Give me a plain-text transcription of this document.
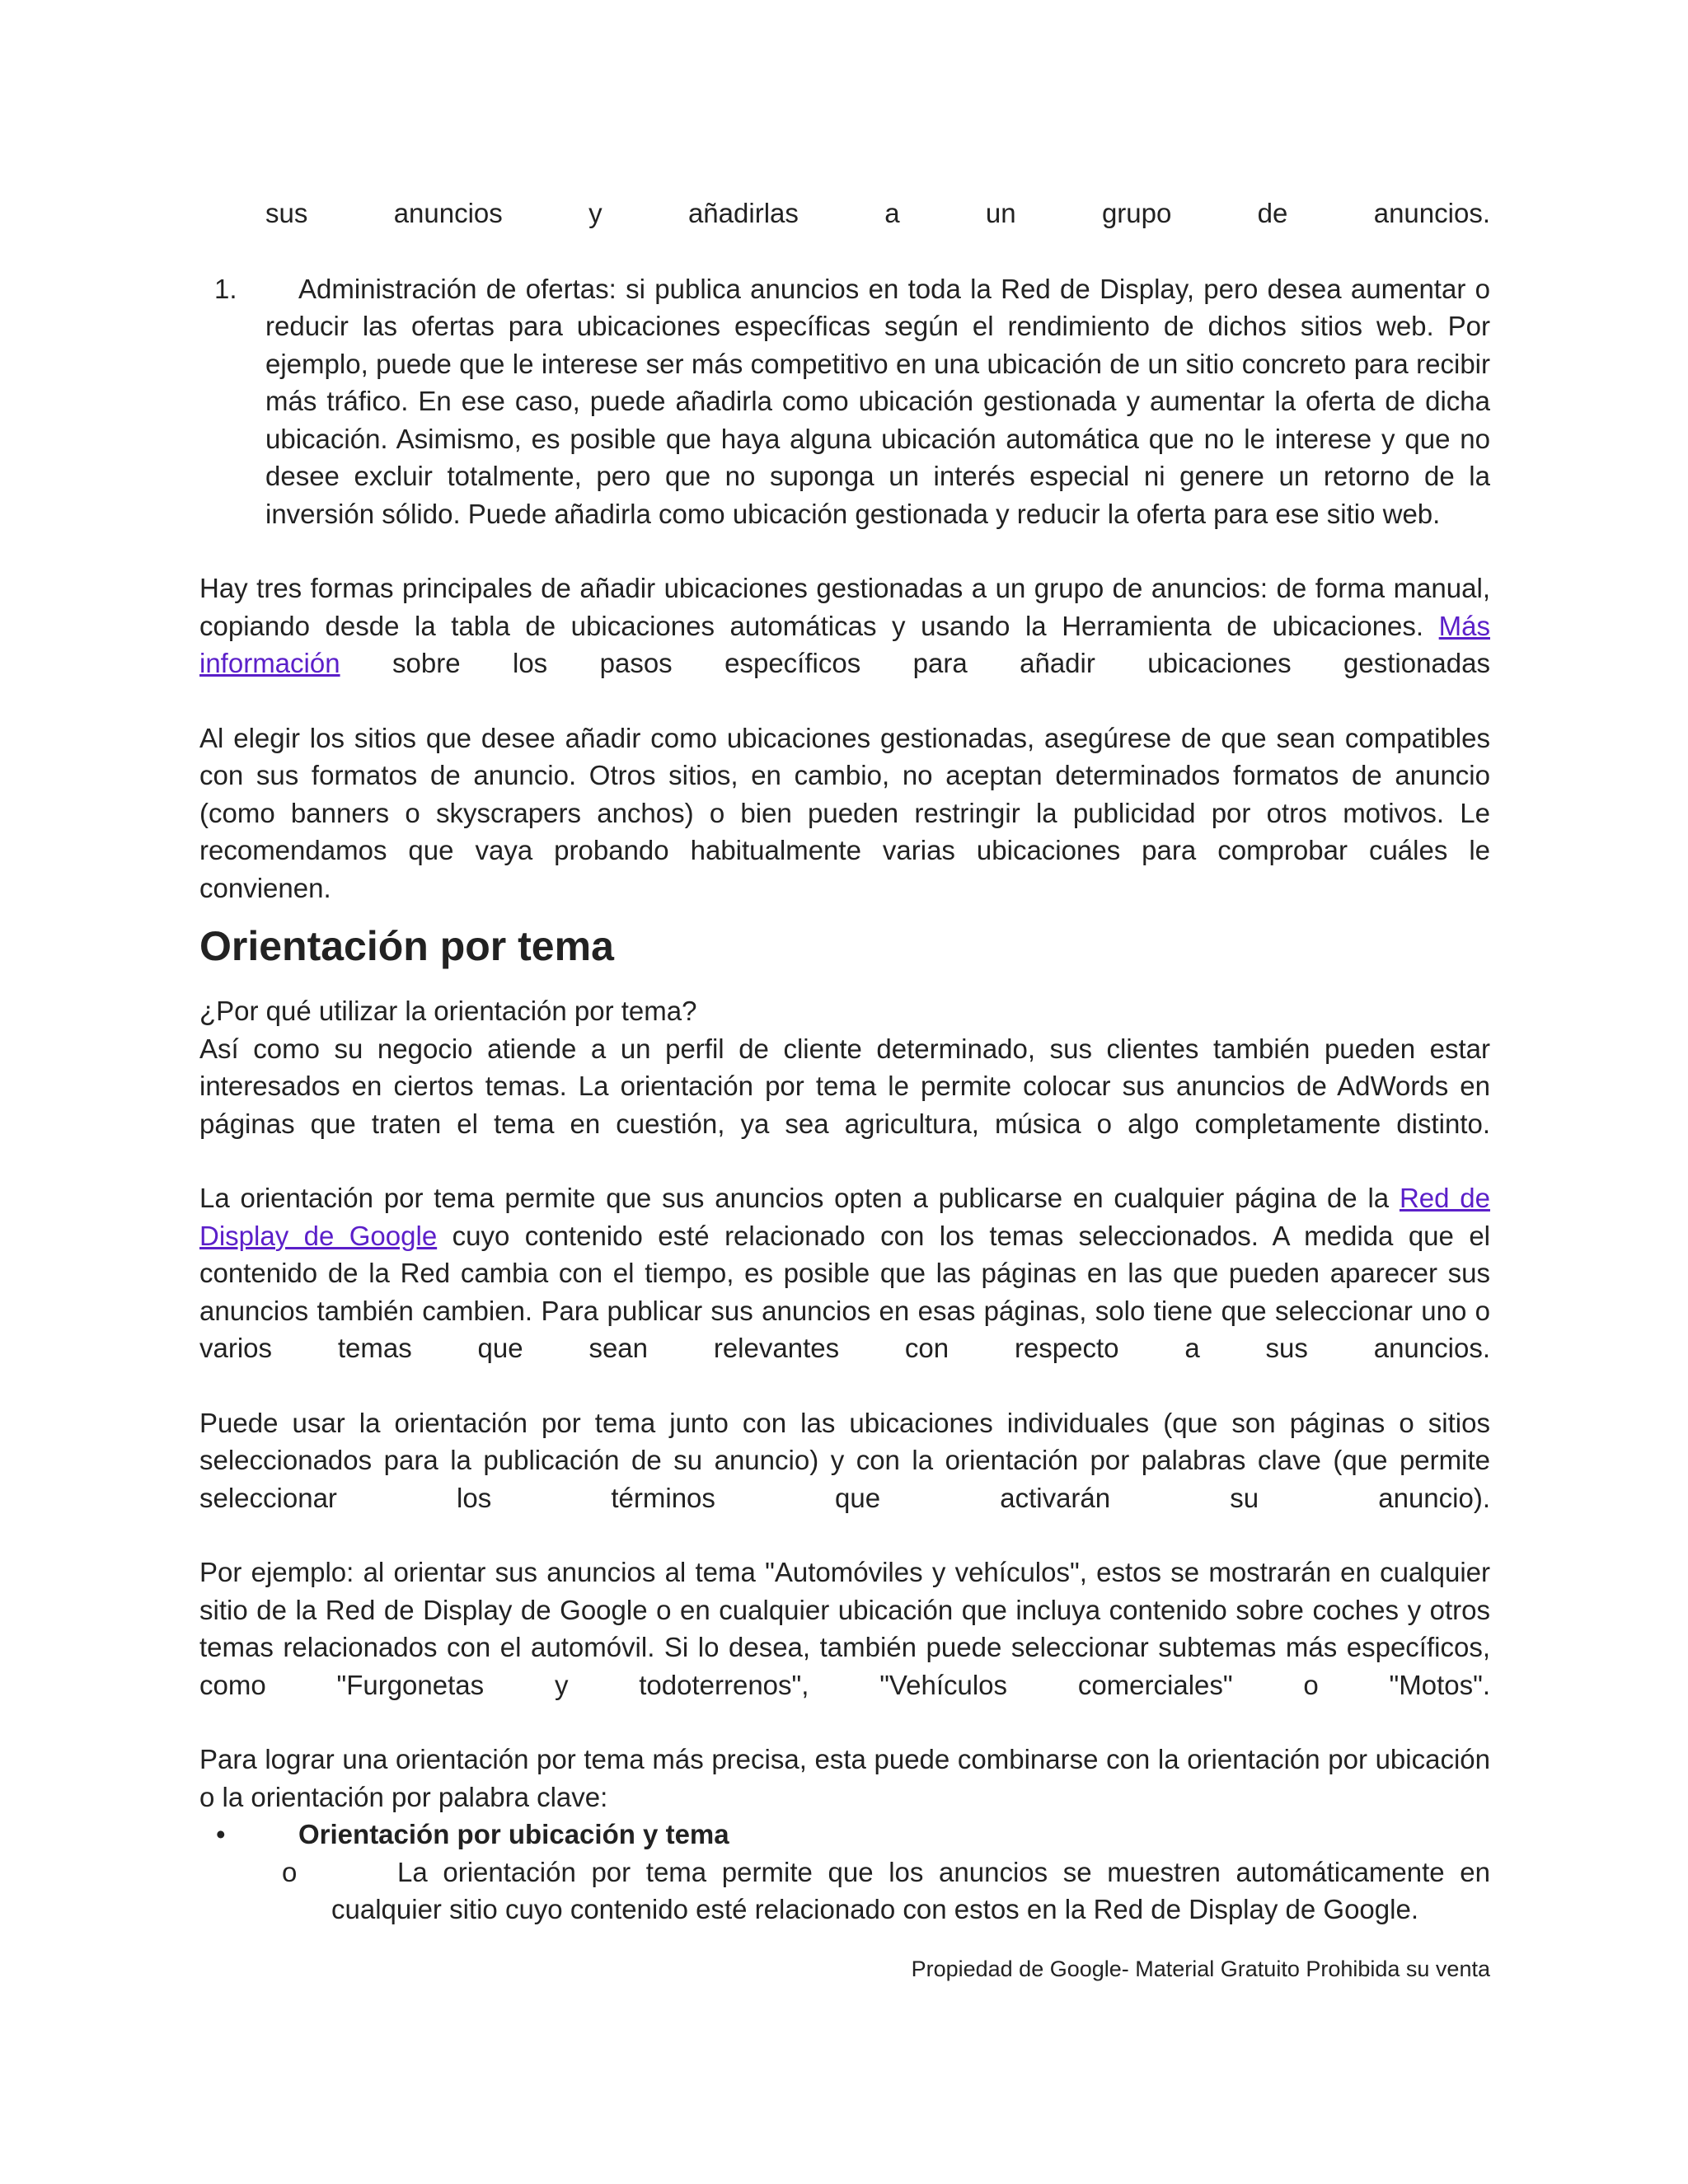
sus anuncios y añadirlas a un grupo de anuncios.

1. Administración de ofertas: si publica anuncios en toda la Red de Display, pero desea aumentar o reducir las ofertas para ubicaciones específicas según el rendimiento de dichos sitios web. Por ejemplo, puede que le interese ser más competitivo en una ubicación de un sitio concreto para recibir más tráfico. En ese caso, puede añadirla como ubicación gestionada y aumentar la oferta de dicha ubicación. Asimismo, es posible que haya alguna ubicación automática que no le interese y que no desee excluir totalmente, pero que no suponga un interés especial ni genere un retorno de la inversión sólido. Puede añadirla como ubicación gestionada y reducir la oferta para ese sitio web.

Hay tres formas principales de añadir ubicaciones gestionadas a un grupo de anuncios: de forma manual, copiando desde la tabla de ubicaciones automáticas y usando la Herramienta de ubicaciones. Más información sobre los pasos específicos para añadir ubicaciones gestionadas

Al elegir los sitios que desee añadir como ubicaciones gestionadas, asegúrese de que sean compatibles con sus formatos de anuncio. Otros sitios, en cambio, no aceptan determinados formatos de anuncio (como banners o skyscrapers anchos) o bien pueden restringir la publicidad por otros motivos. Le recomendamos que vaya probando habitualmente varias ubicaciones para comprobar cuáles le convienen.

Orientación por tema

¿Por qué utilizar la orientación por tema?

Así como su negocio atiende a un perfil de cliente determinado, sus clientes también pueden estar interesados en ciertos temas. La orientación por tema le permite colocar sus anuncios de AdWords en páginas que traten el tema en cuestión, ya sea agricultura, música o algo completamente distinto.

La orientación por tema permite que sus anuncios opten a publicarse en cualquier página de la Red de Display de Google cuyo contenido esté relacionado con los temas seleccionados. A medida que el contenido de la Red cambia con el tiempo, es posible que las páginas en las que pueden aparecer sus anuncios también cambien. Para publicar sus anuncios en esas páginas, solo tiene que seleccionar uno o varios temas que sean relevantes con respecto a sus anuncios.

Puede usar la orientación por tema junto con las ubicaciones individuales (que son páginas o sitios seleccionados para la publicación de su anuncio) y con la orientación por palabras clave (que permite seleccionar los términos que activarán su anuncio).

Por ejemplo: al orientar sus anuncios al tema "Automóviles y vehículos", estos se mostrarán en cualquier sitio de la Red de Display de Google o en cualquier ubicación que incluya contenido sobre coches y otros temas relacionados con el automóvil. Si lo desea, también puede seleccionar subtemas más específicos, como "Furgonetas y todoterrenos", "Vehículos comerciales" o "Motos".

Para lograr una orientación por tema más precisa, esta puede combinarse con la orientación por ubicación o la orientación por palabra clave:

•	Orientación por ubicación y tema
o	La orientación por tema permite que los anuncios se muestren automáticamente en cualquier sitio cuyo contenido esté relacionado con estos en la Red de Display de Google.
Propiedad de Google- Material Gratuito Prohibida su venta
